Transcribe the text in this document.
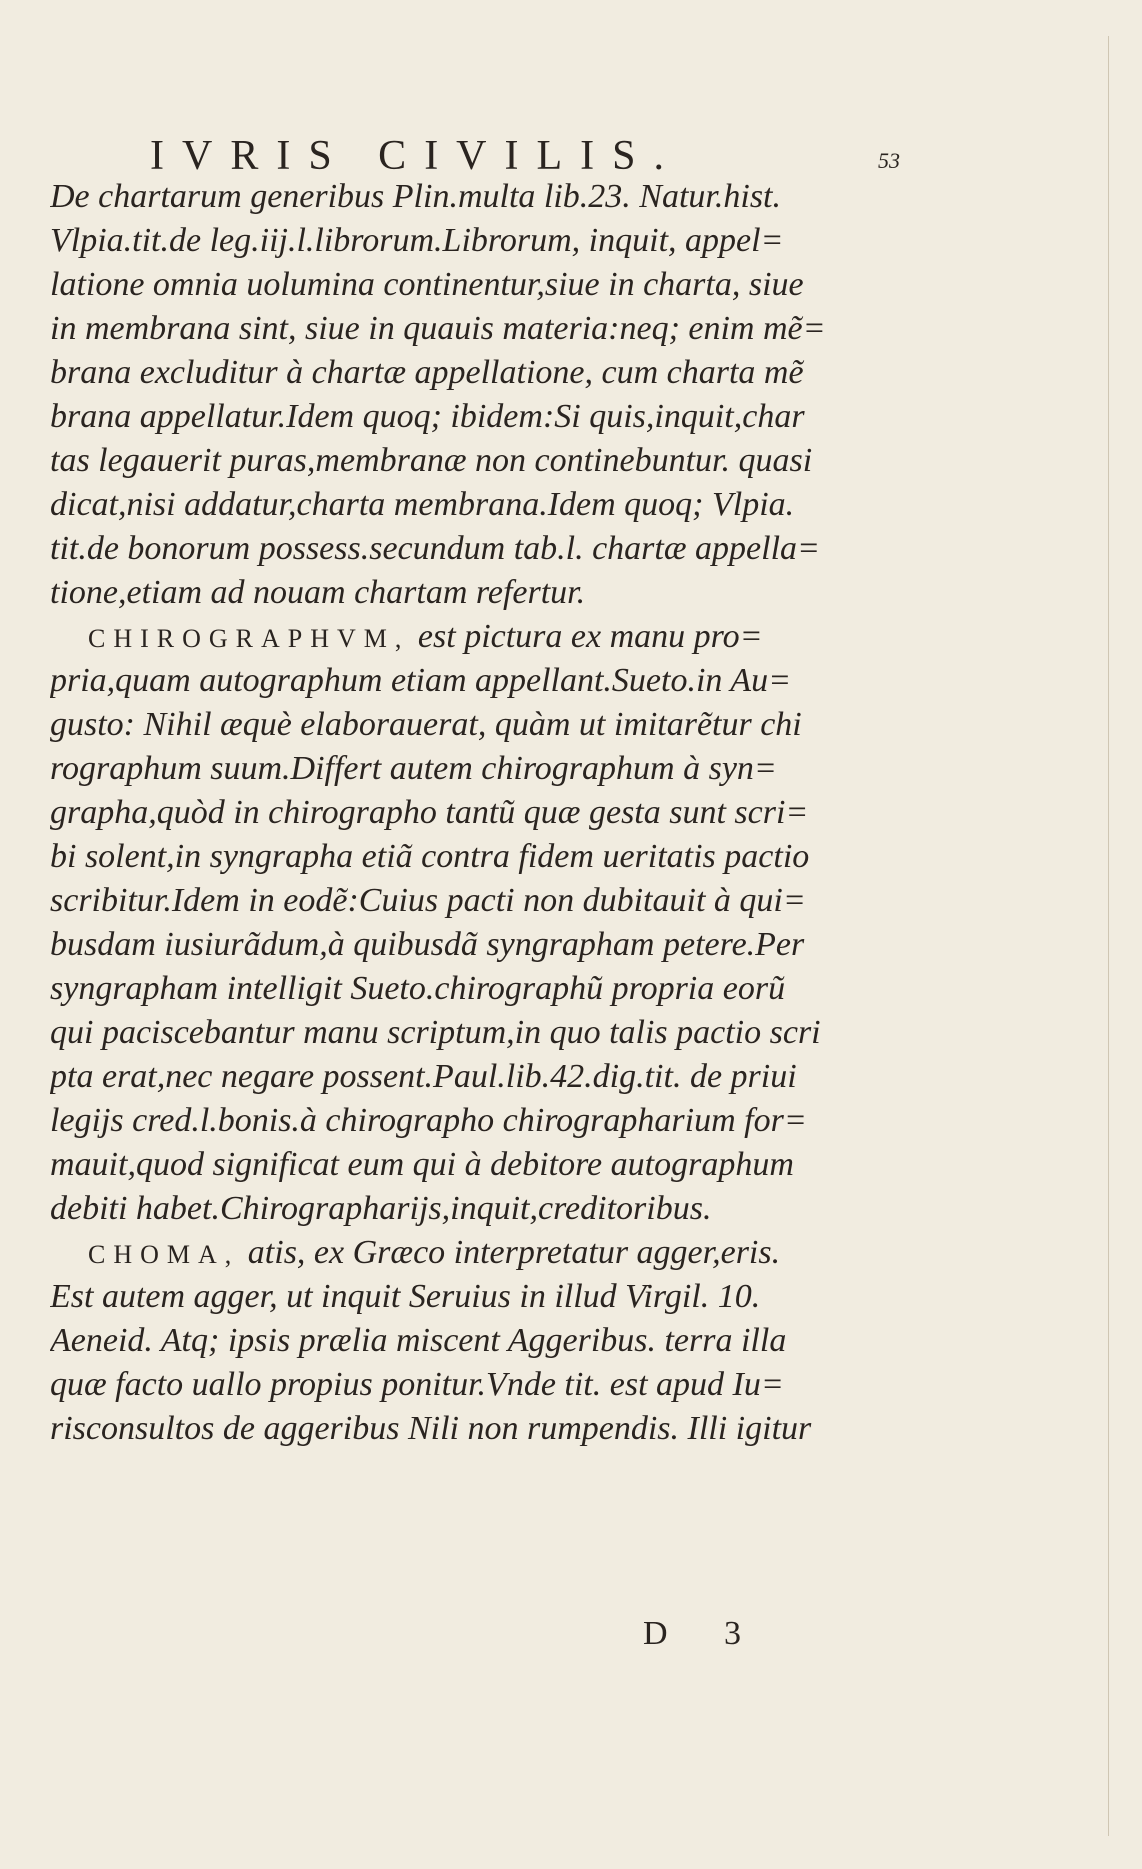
IVRIS CIVILIS.	53
De chartarum generibus Plin.multa lib.23. Natur.hist.
Vlpia.tit.de leg.iij.l.librorum.Librorum, inquit, appel=
latione omnia uolumina continentur,siue in charta, siue
in membrana sint, siue in quauis materia:neq; enim mẽ=
brana excluditur à chartæ appellatione, cum charta mẽ
brana appellatur.Idem quoq; ibidem:Si quis,inquit,char
tas legauerit puras,membranæ non continebuntur. quasi
dicat,nisi addatur,charta membrana.Idem quoq; Vlpia.
tit.de bonorum possess.secundum tab.l. chartæ appella=
tione,etiam ad nouam chartam refertur.
CHIROGRAPHVM, est pictura ex manu pro=
pria,quam autographum etiam appellant.Sueto.in Au=
gusto: Nihil æquè elaborauerat, quàm ut imitarẽtur chi
rographum suum.Differt autem chirographum à syn=
grapha,quòd in chirographo tantũ quæ gesta sunt scri=
bi solent,in syngrapha etiã contra fidem ueritatis pactio
scribitur.Idem in eodẽ:Cuius pacti non dubitauit à qui=
busdam iusiurãdum,à quibusdã syngrapham petere.Per
syngrapham intelligit Sueto.chirographũ propria eorũ
qui paciscebantur manu scriptum,in quo talis pactio scri
pta erat,nec negare possent.Paul.lib.42.dig.tit. de priui
legijs cred.l.bonis.à chirographo chirographarium for=
mauit,quod significat eum qui à debitore autographum
debiti habet.Chirographarijs,inquit,creditoribus.
CHOMA, atis, ex Græco interpretatur agger,eris.
Est autem agger, ut inquit Seruius in illud Virgil. 10.
Aeneid. Atq; ipsis prælia miscent Aggeribus. terra illa
quæ facto uallo propius ponitur.Vnde tit. est apud Iu=
risconsultos de aggeribus Nili non rumpendis. Illi igitur
D 3
